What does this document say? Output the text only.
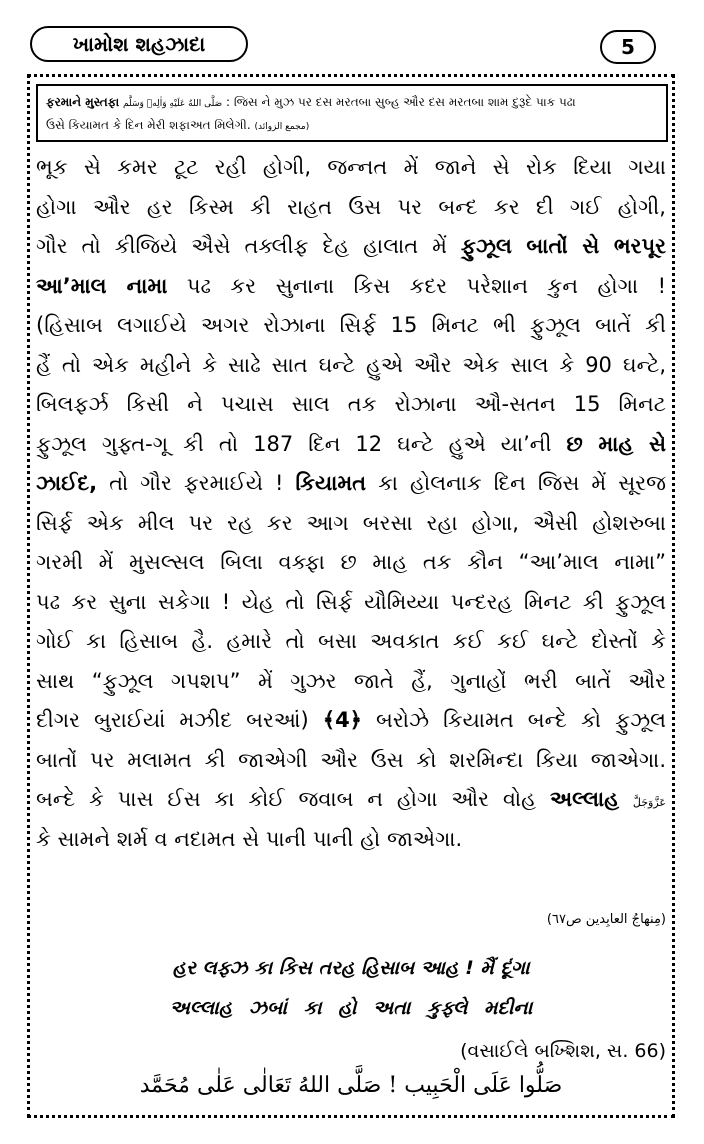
ખામોશ શહઝાદા	5
ફરમાને મુસ્તફા صَلَّى اللهُ عَلَيْهِ وَاٰلِهٖ وَسَلَّم : જિસ ને મુઝ પર દસ મરતબા સુબ્હ ઔર દસ મરતબા શામ દુરૂદે પાક પઢા
ઉસે કિયામત કે દિન મેરી શફાઅત મિલેગી. (مجمع الزوائد)
ભૂક સે કમર ટૂટ રહી હોગી, જન્નત મેં જાને સે રોક દિયા ગયા
હોગા ઔર હર કિસ્મ કી રાહત ઉસ પર બન્દ કર દી ગઈ હોગી,
ગૌર તો કીજિયે ઐસે તક્લીફ દેહ હાલાત મેં ફુઝૂલ બાતોં સે ભરપૂર
આ’માલ નામા પઢ કર સુનાના કિસ કદર પરેશાન કુન હોગા !
(હિસાબ લગાઈયે અગર રોઝાના સિર્ફ 15 મિનટ ભી ફુઝૂલ બાતેં કી
હૈં તો એક મહીને કે સાઢે સાત ઘન્ટે હુએ ઔર એક સાલ કે 90 ઘન્ટે,
બિલફર્ઝ કિસી ને પચાસ સાલ તક રોઝાના ઔ-સતન 15 મિનટ
ફુઝૂલ ગુફ્ત-ગૂ કી તો 187 દિન 12 ઘન્ટે હુએ યા’ની છ માહ સે
ઝાઈદ, તો ગૌર ફરમાઈયે ! કિયામત કા હોલનાક દિન જિસ મેં સૂરજ
સિર્ફ એક મીલ પર રહ કર આગ બરસા રહા હોગા, ઐસી હોશરુબા
ગરમી મેં મુસલ્સલ બિલા વક્ફા છ માહ તક કૌન “આ’માલ નામા”
પઢ કર સુના સકેગા ! યેહ તો સિર્ફ યૌમિય્યા પન્દરહ મિનટ કી ફુઝૂલ
ગોઈ કા હિસાબ હૈ. હમારે તો બસા અવકાત કઈ કઈ ઘન્ટે દોસ્તોં કે
સાથ “ફુઝૂલ ગપશપ” મેં ગુઝર જાતે હૈં, ગુનાહોં ભરી બાતેં ઔર
દીગર બુરાઈયાં મઝીદ બરઆં) ﴾4﴿ બરોઝે કિયામત બન્દે કો ફુઝૂલ
બાતોં પર મલામત કી જાએગી ઔર ઉસ કો શરમિન્દા કિયા જાએગા.
બન્દે કે પાસ ઈસ કા કોઈ જવાબ ન હોગા ઔર વોહ અલ્લાહ عَزَّوَجَلَّ
કે સામને શર્મ વ નદામત સે પાની પાની હો જાએગા.
(مِنهاجُ العابِدین ص٦٧)
હર લફ્ઝ કા કિસ તરહ હિસાબ આહ ! મૈં દૂંગા
અલ્લાહ ઝબાં કા હો અતા કુફ્લે મદીના
(વસાઈલે બખ્શિશ, સ. 66)
صَلُّوا عَلَی الْحَبِیب ! صَلَّی اللهُ تَعَالٰی عَلٰی مُحَمَّد
